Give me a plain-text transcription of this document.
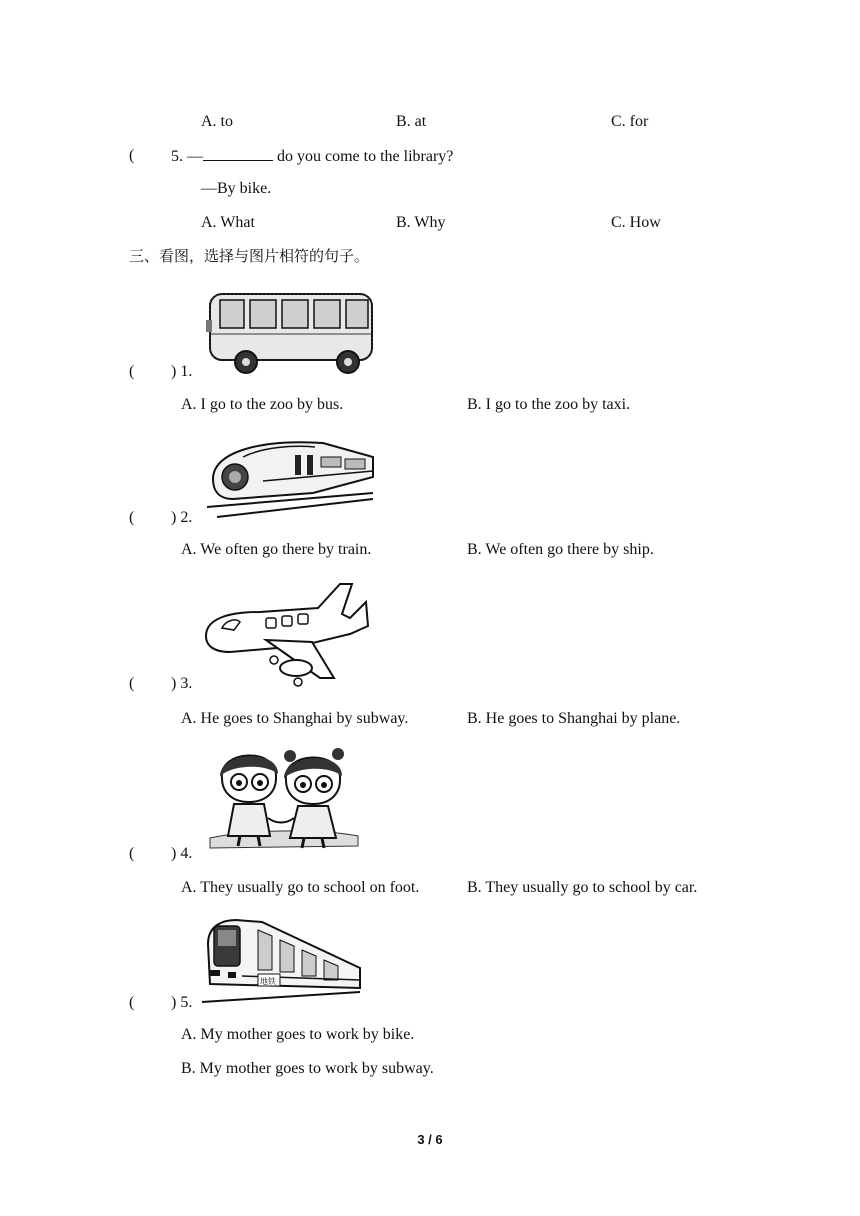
A. to	B. at	C. for
( 5. —	do you come to the library?
—By bike.
A. What	B. Why	C. How
三、看图，选择与图片相符的句子。
( ) 1.
A. I go to the zoo by bus.	B. I go to the zoo by taxi.
( ) 2.
A. We often go there by train.	B. We often go there by ship.
( ) 3.
A. He goes to Shanghai by subway.	B. He goes to Shanghai by plane.
( ) 4.
A. They usually go to school on foot.	B. They usually go to school by car.
地铁
( ) 5.
A. My mother goes to work by bike.
B. My mother goes to work by subway.
3 / 6
